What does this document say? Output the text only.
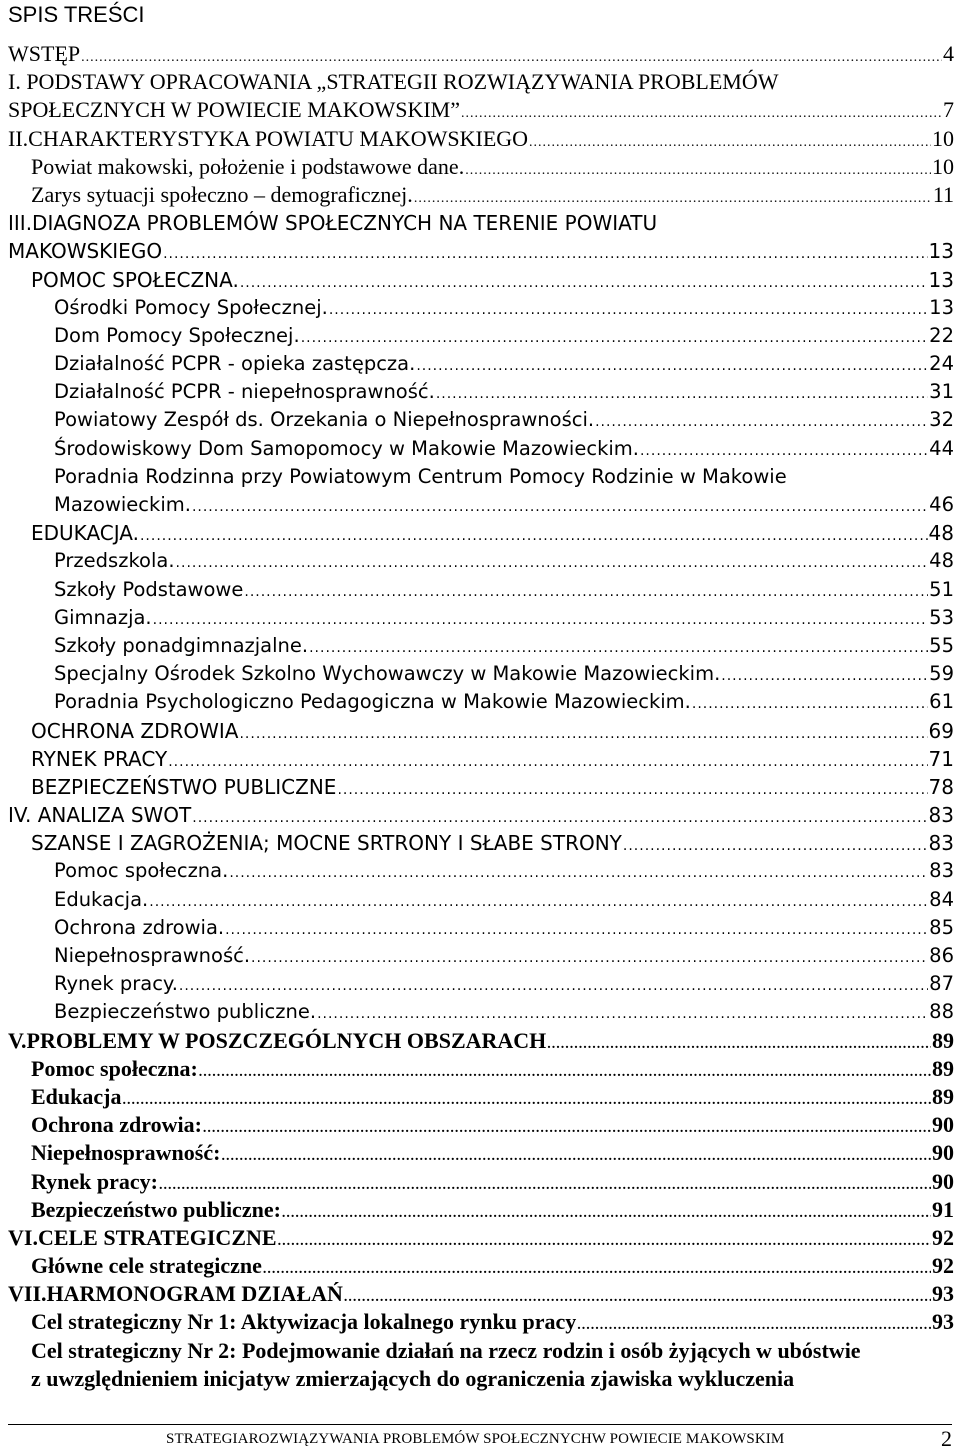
SPIS TREŚCI
WSTĘP .....	4
I. PODSTAWY OPRACOWANIA „STRATEGII ROZWIĄZYWANIA PROBLEMÓW
SPOŁECZNYCH W POWIECIE MAKOWSKIM” .....	7
II.CHARAKTERYSTYKA POWIATU MAKOWSKIEGO .....	10
Powiat makowski, położenie i podstawowe dane. .....	10
Zarys sytuacji społeczno – demograficznej. .....	11
III.DIAGNOZA PROBLEMÓW SPOŁECZNYCH NA TERENIE POWIATU
MAKOWSKIEGO .....	13
POMOC SPOŁECZNA. .....	13
Ośrodki Pomocy Społecznej. .....	13
Dom Pomocy Społecznej. .....	22
Działalność PCPR - opieka zastępcza. .....	24
Działalność PCPR - niepełnosprawność. .....	31
Powiatowy Zespół ds. Orzekania o Niepełnosprawności. .....	32
Środowiskowy Dom Samopomocy w Makowie Mazowieckim. .....	44
Poradnia Rodzinna przy Powiatowym Centrum Pomocy Rodzinie w Makowie
Mazowieckim. .....	46
EDUKACJA. .....	48
Przedszkola. .....	48
Szkoły Podstawowe .....	51
Gimnazja. .....	53
Szkoły ponadgimnazjalne. .....	55
Specjalny Ośrodek Szkolno Wychowawczy w Makowie Mazowieckim. .....	59
Poradnia Psychologiczno Pedagogiczna w Makowie Mazowieckim. .....	61
OCHRONA ZDROWIA .....	69
RYNEK PRACY .....	71
BEZPIECZEŃSTWO PUBLICZNE .....	78
IV. ANALIZA SWOT .....	83
SZANSE I ZAGROŻENIA; MOCNE SRTRONY I SŁABE STRONY .....	83
Pomoc społeczna. .....	83
Edukacja. .....	84
Ochrona zdrowia. .....	85
Niepełnosprawność. .....	86
Rynek pracy. .....	87
Bezpieczeństwo publiczne. .....	88
V.PROBLEMY W POSZCZEGÓLNYCH OBSZARACH .....	89
Pomoc społeczna: .....	89
Edukacja .....	89
Ochrona zdrowia: .....	90
Niepełnosprawność: .....	90
Rynek pracy: .....	90
Bezpieczeństwo publiczne: .....	91
VI.CELE STRATEGICZNE .....	92
Główne cele strategiczne .....	92
VII.HARMONOGRAM DZIAŁAŃ .....	93
Cel strategiczny Nr 1: Aktywizacja lokalnego rynku pracy .....	93
Cel strategiczny Nr 2: Podejmowanie działań na rzecz rodzin i osób żyjących w ubóstwie
z uwzględnieniem inicjatyw zmierzających do ograniczenia zjawiska wykluczenia
STRATEGIAROZWIĄZYWANIA PROBLEMÓW SPOŁECZNYCHW POWIECIE MAKOWSKIM	2
